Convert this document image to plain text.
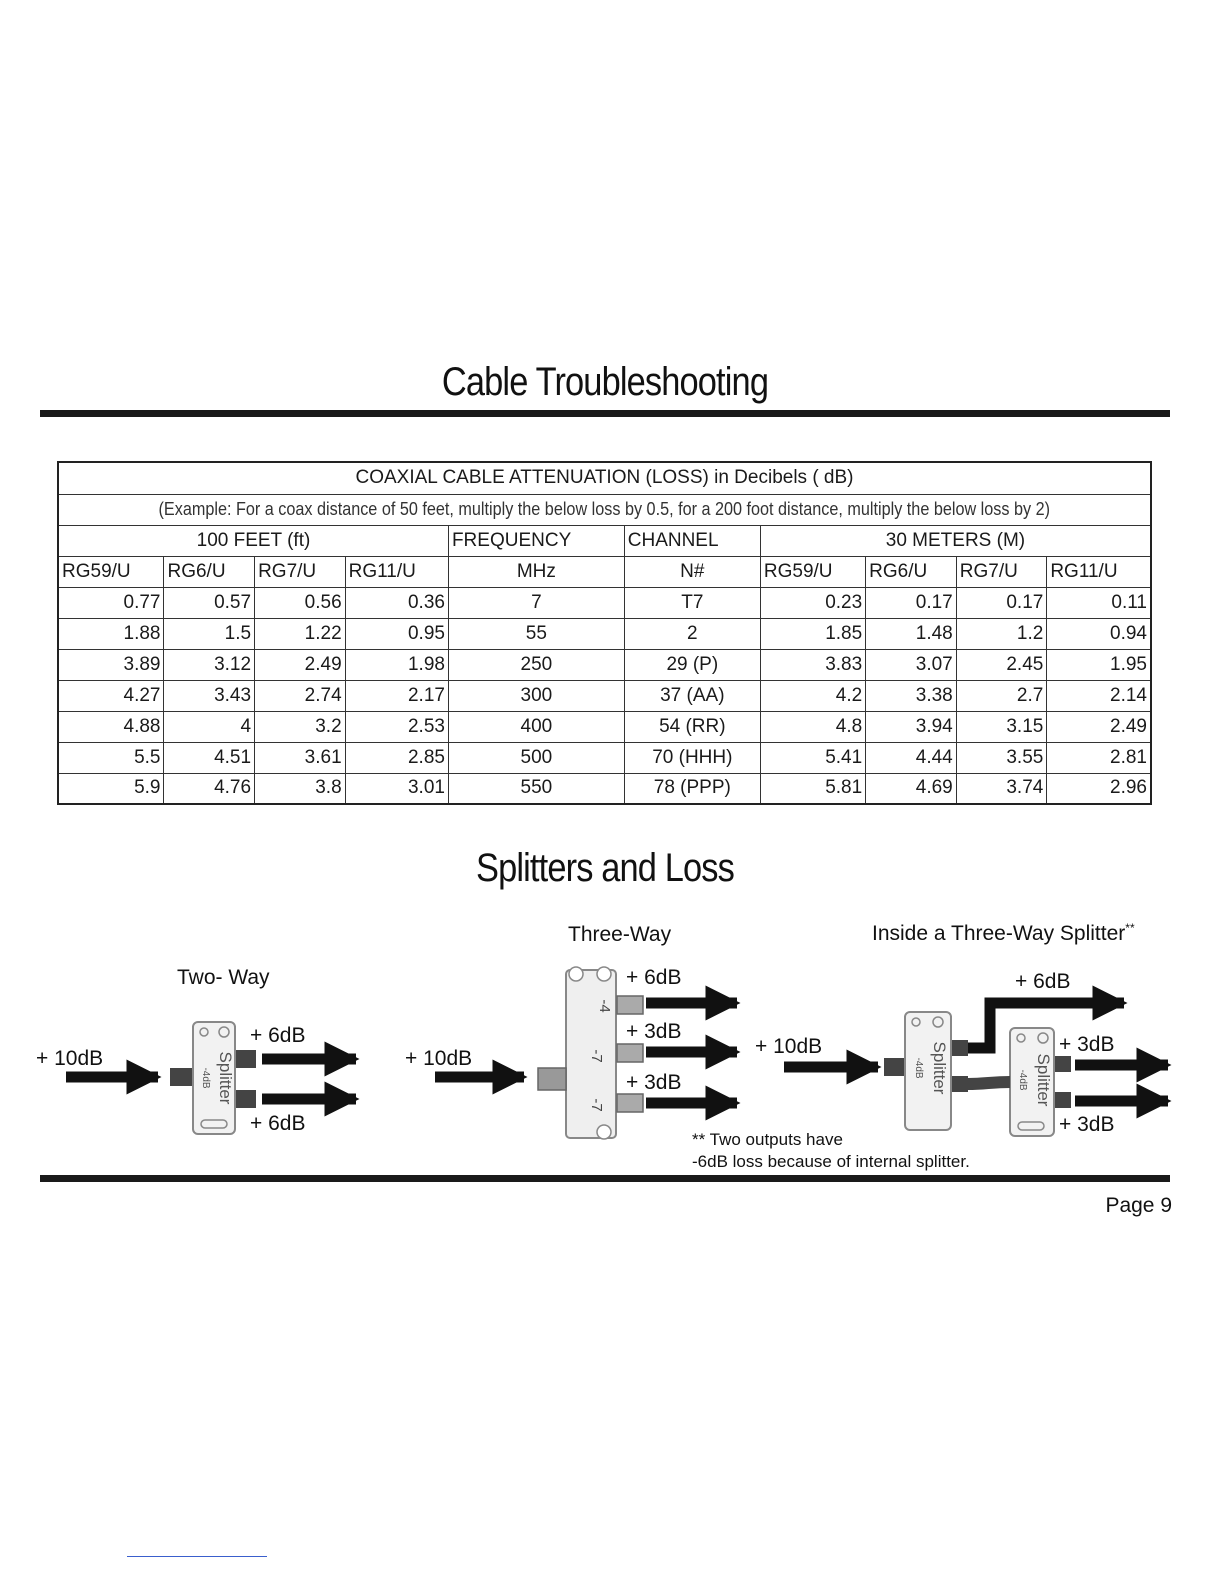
Cable Troubleshooting
COAXIAL CABLE ATTENUATION (LOSS) in Decibels ( dB)									
(Example: For a coax distance of 50 feet, multiply the below loss by 0.5, for a 200 foot distance, multiply the below loss by 2)									
100 FEET (ft)				FREQUENCY	CHANNEL	30 METERS (M)			
RG59/U	RG6/U	RG7/U	RG11/U	MHz	N#	RG59/U	RG6/U	RG7/U	RG11/U
0.77	0.57	0.56	0.36	7	T7	0.23	0.17	0.17	0.11
1.88	1.5	1.22	0.95	55	2	1.85	1.48	1.2	0.94
3.89	3.12	2.49	1.98	250	29 (P)	3.83	3.07	2.45	1.95
4.27	3.43	2.74	2.17	300	37 (AA)	4.2	3.38	2.7	2.14
4.88	4	3.2	2.53	400	54 (RR)	4.8	3.94	3.15	2.49
5.5	4.51	3.61	2.85	500	70 (HHH)	5.41	4.44	3.55	2.81
5.9	4.76	3.8	3.01	550	78 (PPP)	5.81	4.69	3.74	2.96
Splitters and Loss
Two- Way
+ 10dB
+ 6dB
+ 6dB
Three-Way
+ 10dB
+ 6dB
+ 3dB
+ 3dB
Inside a Three-Way Splitter**
+ 10dB
+ 6dB
+ 3dB
+ 3dB
** Two outputs have
-6dB loss because of internal splitter.
Splitter
-4dB
-4
-7
-7
Splitter
-4dB	Splitter
-4dB
Page 9
